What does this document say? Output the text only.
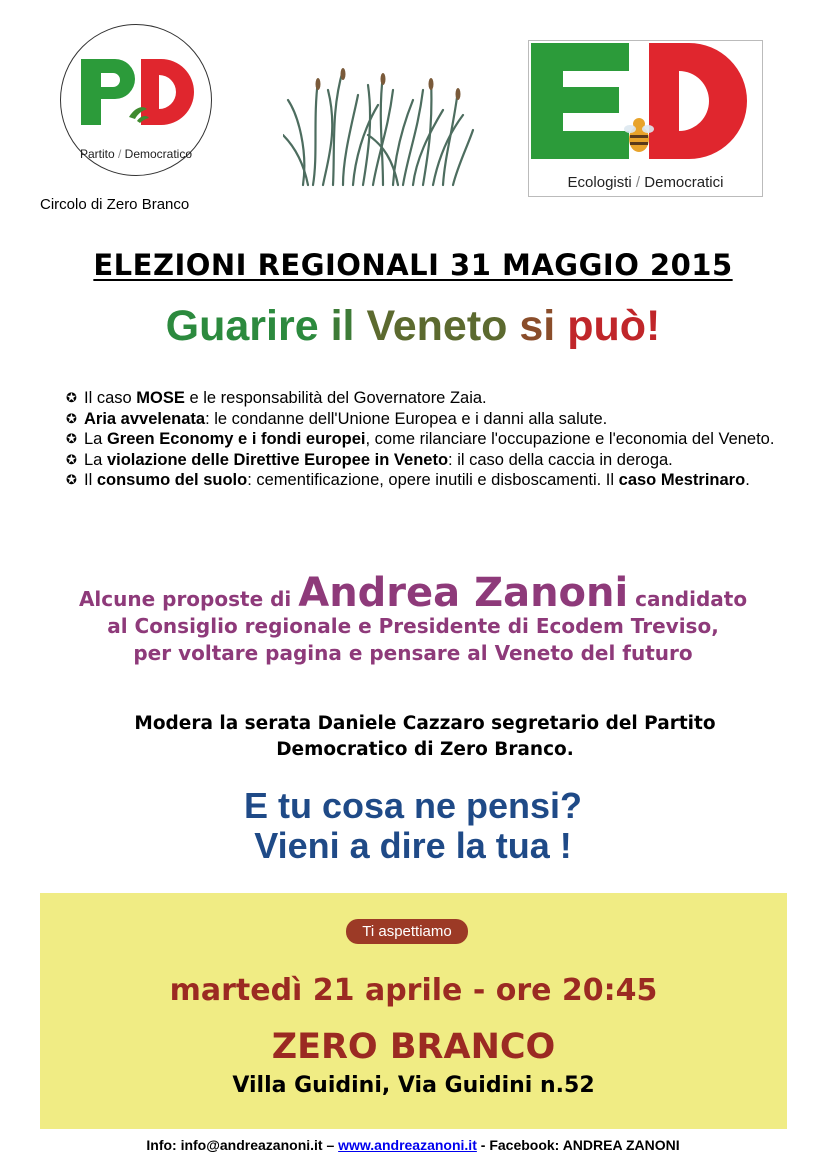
Partito / Democratico
Circolo di Zero Branco
Ecologisti / Democratici
ELEZIONI REGIONALI 31 MAGGIO 2015
Guarire il Veneto si può!
✪ Il caso MOSE e le responsabilità del Governatore Zaia.
✪ Aria avvelenata: le condanne dell'Unione Europea e i danni alla salute.
✪ La Green Economy e i fondi europei, come rilanciare l'occupazione e l'economia del Veneto.
✪ La violazione delle Direttive Europee in Veneto: il caso della caccia in deroga.
✪ Il consumo del suolo: cementificazione, opere inutili e disboscamenti. Il caso Mestrinaro.
Alcune proposte di Andrea Zanoni candidato
al Consiglio regionale e Presidente di Ecodem Treviso,
per voltare pagina e pensare al Veneto del futuro
Modera la serata Daniele Cazzaro segretario del Partito
Democratico di Zero Branco.
E tu cosa ne pensi?
Vieni a dire la tua !
Ti aspettiamo
martedì 21 aprile - ore 20:45
ZERO BRANCO
Villa Guidini, Via Guidini n.52
Info: info@andreazanoni.it – www.andreazanoni.it - Facebook: ANDREA ZANONI
